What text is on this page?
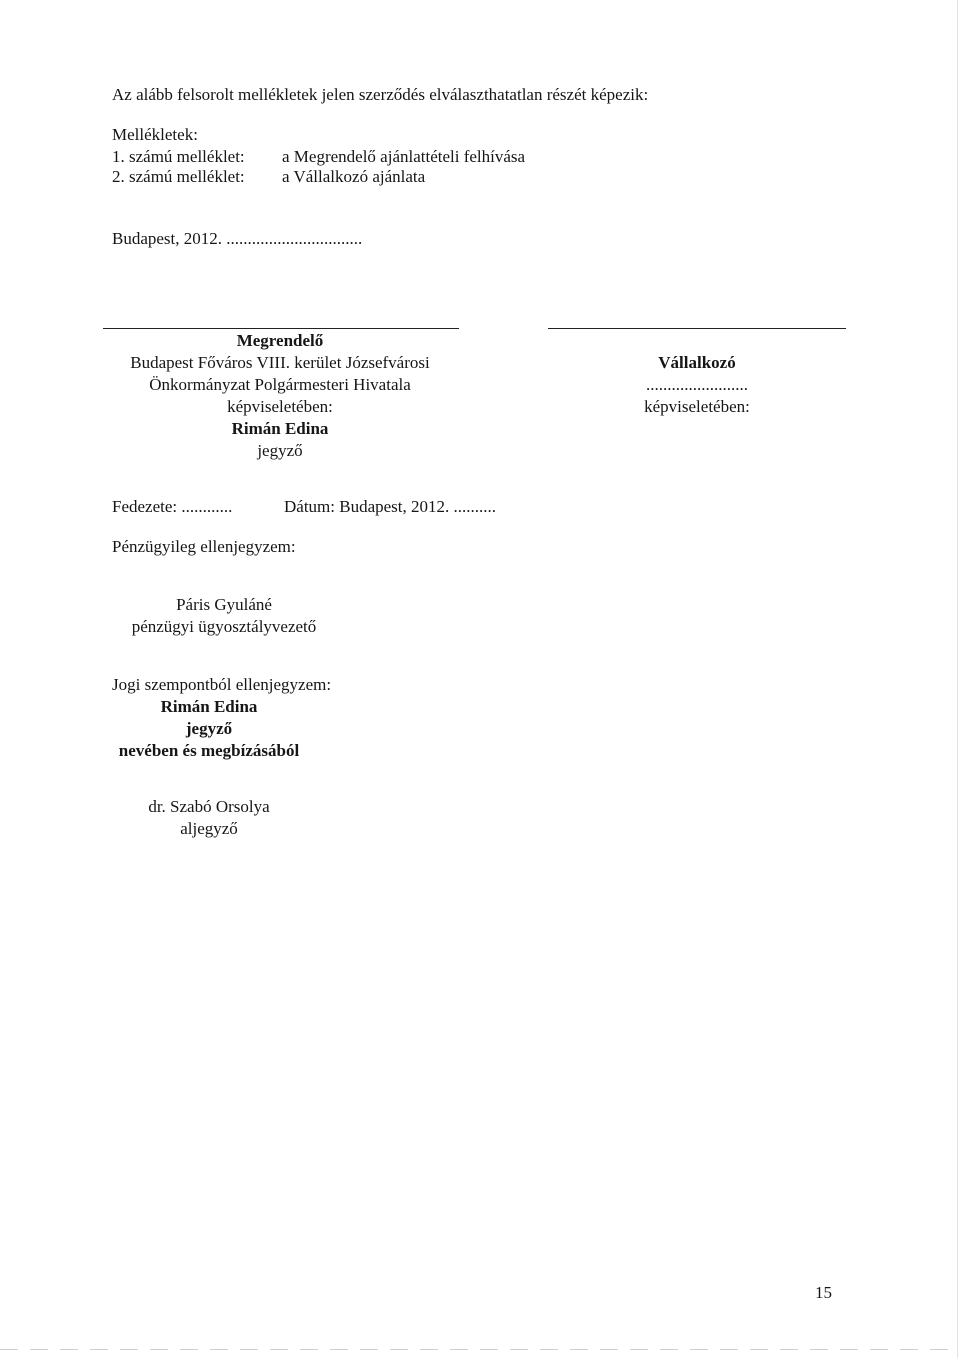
Az alább felsorolt mellékletek jelen szerződés elválaszthatatlan részét képezik:
Mellékletek:
1. számú melléklet: a Megrendelő ajánlattételi felhívása
2. számú melléklet: a Vállalkozó ajánlata
Budapest, 2012. ................................
Megrendelő
Budapest Főváros VIII. kerület Józsefvárosi
Önkormányzat Polgármesteri Hivatala
képviseletében:
Rimán Edina
jegyző
Vállalkozó
........................
képviseletében:
Fedezete: ............	Dátum: Budapest, 2012. ..........
Pénzügyileg ellenjegyzem:
Páris Gyuláné
pénzügyi ügyosztályvezető
Jogi szempontból ellenjegyzem:
Rimán Edina
jegyző
nevében és megbízásából
dr. Szabó Orsolya
aljegyző
15
